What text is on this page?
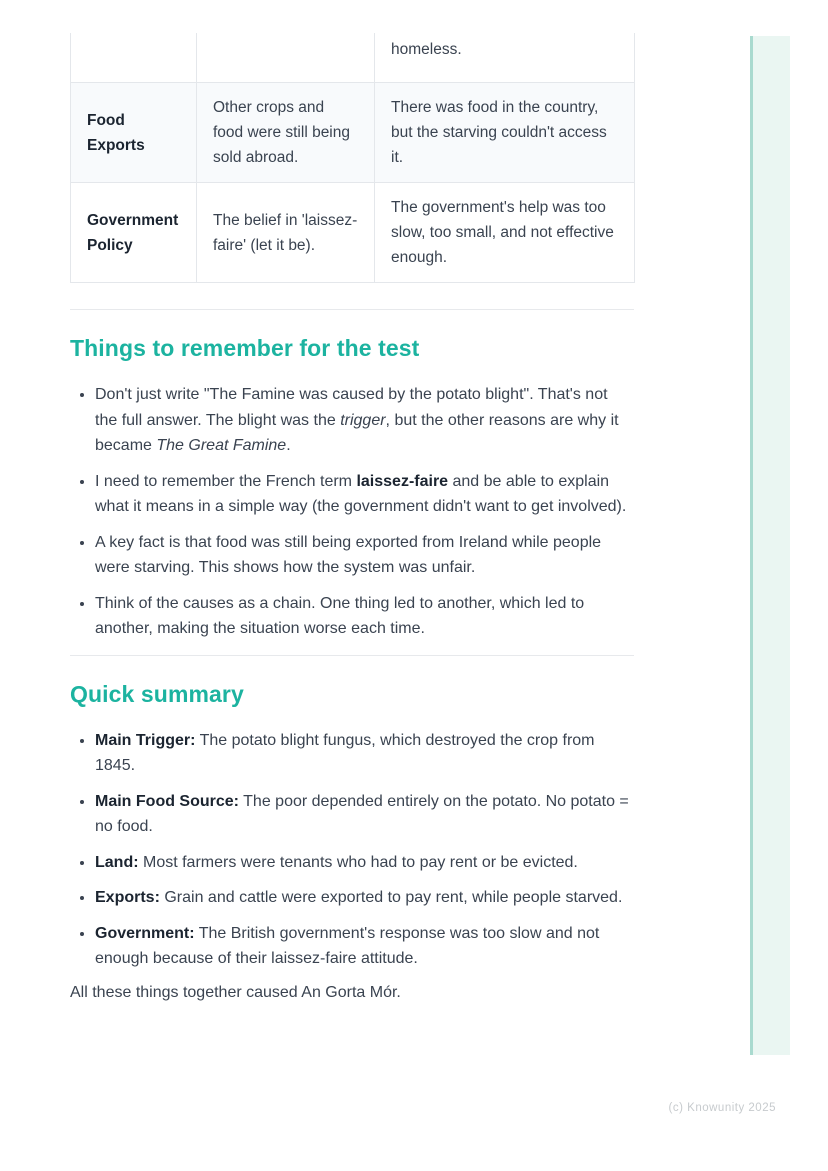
		homeless.
Food Exports	Other crops and food were still being sold abroad.	There was food in the country, but the starving couldn't access it.
Government Policy	The belief in 'laissez-faire' (let it be).	The government's help was too slow, too small, and not effective enough.
Things to remember for the test
• Don't just write "The Famine was caused by the potato blight". That's not the full answer. The blight was the trigger, but the other reasons are why it became The Great Famine.
• I need to remember the French term laissez-faire and be able to explain what it means in a simple way (the government didn't want to get involved).
• A key fact is that food was still being exported from Ireland while people were starving. This shows how the system was unfair.
• Think of the causes as a chain. One thing led to another, which led to another, making the situation worse each time.
Quick summary
• Main Trigger: The potato blight fungus, which destroyed the crop from 1845.
• Main Food Source: The poor depended entirely on the potato. No potato = no food.
• Land: Most farmers were tenants who had to pay rent or be evicted.
• Exports: Grain and cattle were exported to pay rent, while people starved.
• Government: The British government's response was too slow and not enough because of their laissez-faire attitude.

All these things together caused An Gorta Mór.

(c) Knowunity 2025
